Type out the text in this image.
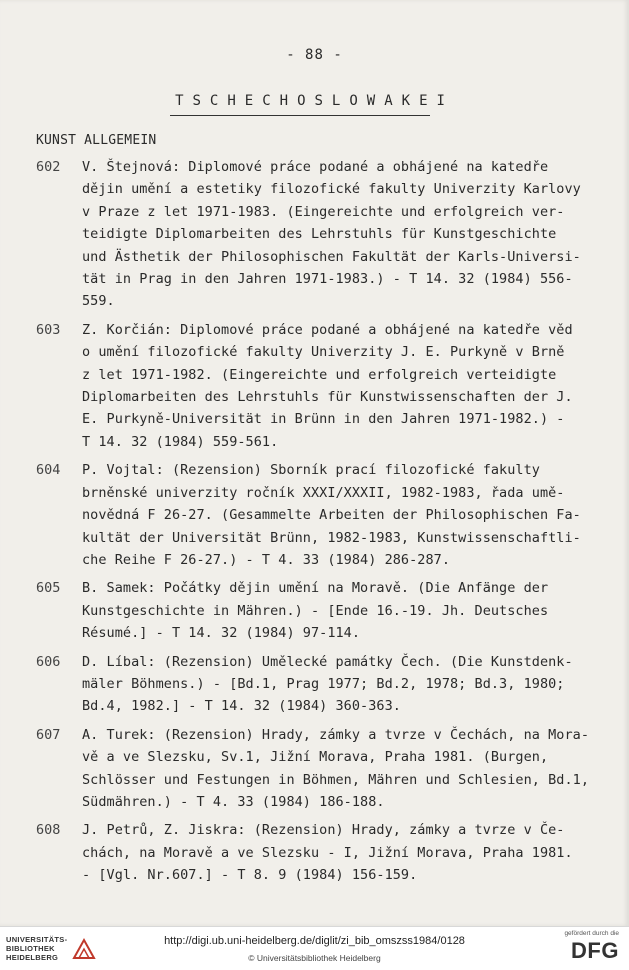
- 88 -
TSCHECHOSLOWAKEI
KUNST ALLGEMEIN
602	V. Štejnová: Diplomové práce podané a obhájené na katedře
dějin umění a estetiky filozofické fakulty Univerzity Karlovy
v Praze z let 1971-1983. (Eingereichte und erfolgreich ver-
teidigte Diplomarbeiten des Lehrstuhls für Kunstgeschichte
und Ästhetik der Philosophischen Fakultät der Karls-Universi-
tät in Prag in den Jahren 1971-1983.) - T 14. 32 (1984) 556-
559.
603	Z. Korčián: Diplomové práce podané a obhájené na katedře věd
o umění filozofické fakulty Univerzity J. E. Purkyně v Brně
z let 1971-1982. (Eingereichte und erfolgreich verteidigte
Diplomarbeiten des Lehrstuhls für Kunstwissenschaften der J.
E. Purkyně-Universität in Brünn in den Jahren 1971-1982.) -
T 14. 32 (1984) 559-561.
604	P. Vojtal: (Rezension) Sborník prací filozofické fakulty
brněnské univerzity ročník XXXI/XXXII, 1982-1983, řada umě-
novědná F 26-27. (Gesammelte Arbeiten der Philosophischen Fa-
kultät der Universität Brünn, 1982-1983, Kunstwissenschaftli-
che Reihe F 26-27.) - T 4. 33 (1984) 286-287.
605	B. Samek: Počátky dějin umění na Moravě. (Die Anfänge der
Kunstgeschichte in Mähren.) - [Ende 16.-19. Jh. Deutsches
Résumé.] - T 14. 32 (1984) 97-114.
606	D. Líbal: (Rezension) Umělecké památky Čech. (Die Kunstdenk-
mäler Böhmens.) - [Bd.1, Prag 1977; Bd.2, 1978; Bd.3, 1980;
Bd.4, 1982.] - T 14. 32 (1984) 360-363.
607	A. Turek: (Rezension) Hrady, zámky a tvrze v Čechách, na Mora-
vě a ve Slezsku, Sv.1, Jižní Morava, Praha 1981. (Burgen,
Schlösser und Festungen in Böhmen, Mähren und Schlesien, Bd.1,
Südmähren.) - T 4. 33 (1984) 186-188.
608	J. Petrů, Z. Jiskra: (Rezension) Hrady, zámky a tvrze v Če-
chách, na Moravě a ve Slezsku - I, Jižní Morava, Praha 1981.
- [Vgl. Nr.607.] - T 8. 9 (1984) 156-159.
UNIVERSITÄTS-
BIBLIOTHEK
HEIDELBERG
http://digi.ub.uni-heidelberg.de/diglit/zi_bib_omszss1984/0128
© Universitätsbibliothek Heidelberg
gefördert durch die
DFG
